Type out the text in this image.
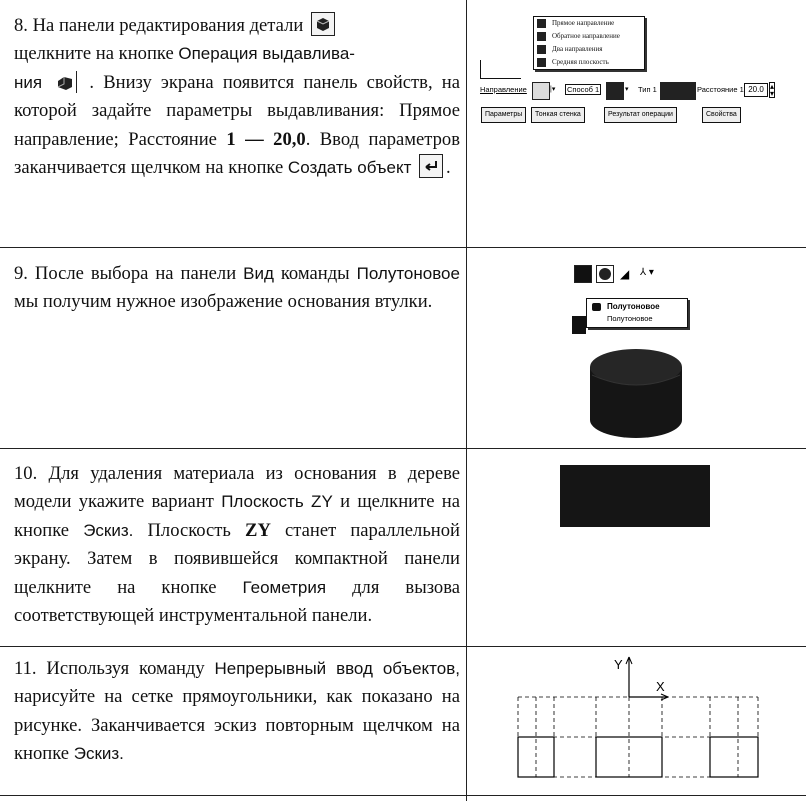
8. На панели редактирования детали

щелкните на кнопке Операция выдавлива-
ния	. Внизу экрана появится панель свойств, на которой задайте параметры выдавливания: Прямое направление; Расстояние 1 — 20,0. Ввод параметров заканчивается щелчком на кнопке Создать объект .
Прямое направление
Обратное направление
Два направления
Средняя плоскость
Направление	|▾ Способ 1	▾ Тип 1	Расстояние 1 20.0 ▴
▾
Параметры	Тонкая стенка	Результат операции	Свойства
9. После выбора на панели Вид команды Полутоновое мы получим нужное изображение основания втулки.
◢ ⅄ ▾
Полутоновое
Полутоновое
10. Для удаления материала из основания в дереве модели укажите вариант Плоскость ZY и щелкните на кнопке Эскиз. Плоскость ZY станет параллельной экрану. Затем в появившейся компактной панели щелкните на кнопке Геометрия для вызова соответствующей инструментальной панели.
11. Используя команду Непрерывный ввод объектов, нарисуйте на сетке прямоугольники, как показано на рисунке. Заканчивается эскиз повторным щелчком на кнопке Эскиз.
Y
X
